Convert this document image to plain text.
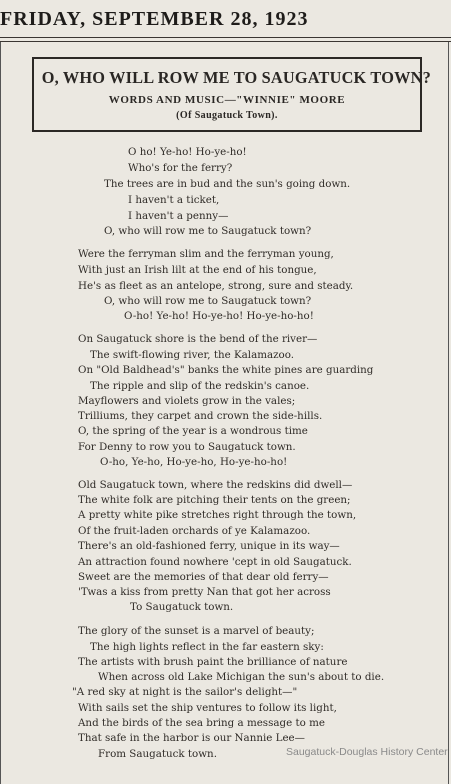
FRIDAY, SEPTEMBER 28, 1923
O, WHO WILL ROW ME TO SAUGATUCK TOWN?
WORDS AND MUSIC—"WINNIE" MOORE
(Of Saugatuck Town).
O ho! Ye-ho! Ho-ye-ho!
Who's for the ferry?
The trees are in bud and the sun's going down.
I haven't a ticket,
I haven't a penny—
O, who will row me to Saugatuck town?
Were the ferryman slim and the ferryman young,
With just an Irish lilt at the end of his tongue,
He's as fleet as an antelope, strong, sure and steady.
O, who will row me to Saugatuck town?
O-ho! Ye-ho! Ho-ye-ho! Ho-ye-ho-ho!
On Saugatuck shore is the bend of the river—
The swift-flowing river, the Kalamazoo.
On "Old Baldhead's" banks the white pines are guarding
The ripple and slip of the redskin's canoe.
Mayflowers and violets grow in the vales;
Trilliums, they carpet and crown the side-hills.
O, the spring of the year is a wondrous time
For Denny to row you to Saugatuck town.
O-ho, Ye-ho, Ho-ye-ho, Ho-ye-ho-ho!
Old Saugatuck town, where the redskins did dwell—
The white folk are pitching their tents on the green;
A pretty white pike stretches right through the town,
Of the fruit-laden orchards of ye Kalamazoo.
There's an old-fashioned ferry, unique in its way—
An attraction found nowhere 'cept in old Saugatuck.
Sweet are the memories of that dear old ferry—
'Twas a kiss from pretty Nan that got her across
To Saugatuck town.
The glory of the sunset is a marvel of beauty;
The high lights reflect in the far eastern sky:
The artists with brush paint the brilliance of nature
When across old Lake Michigan the sun's about to die.
"A red sky at night is the sailor's delight—"
With sails set the ship ventures to follow its light,
And the birds of the sea bring a message to me
That safe in the harbor is our Nannie Lee—
From Saugatuck town.	Saugatuck-Douglas History Center
